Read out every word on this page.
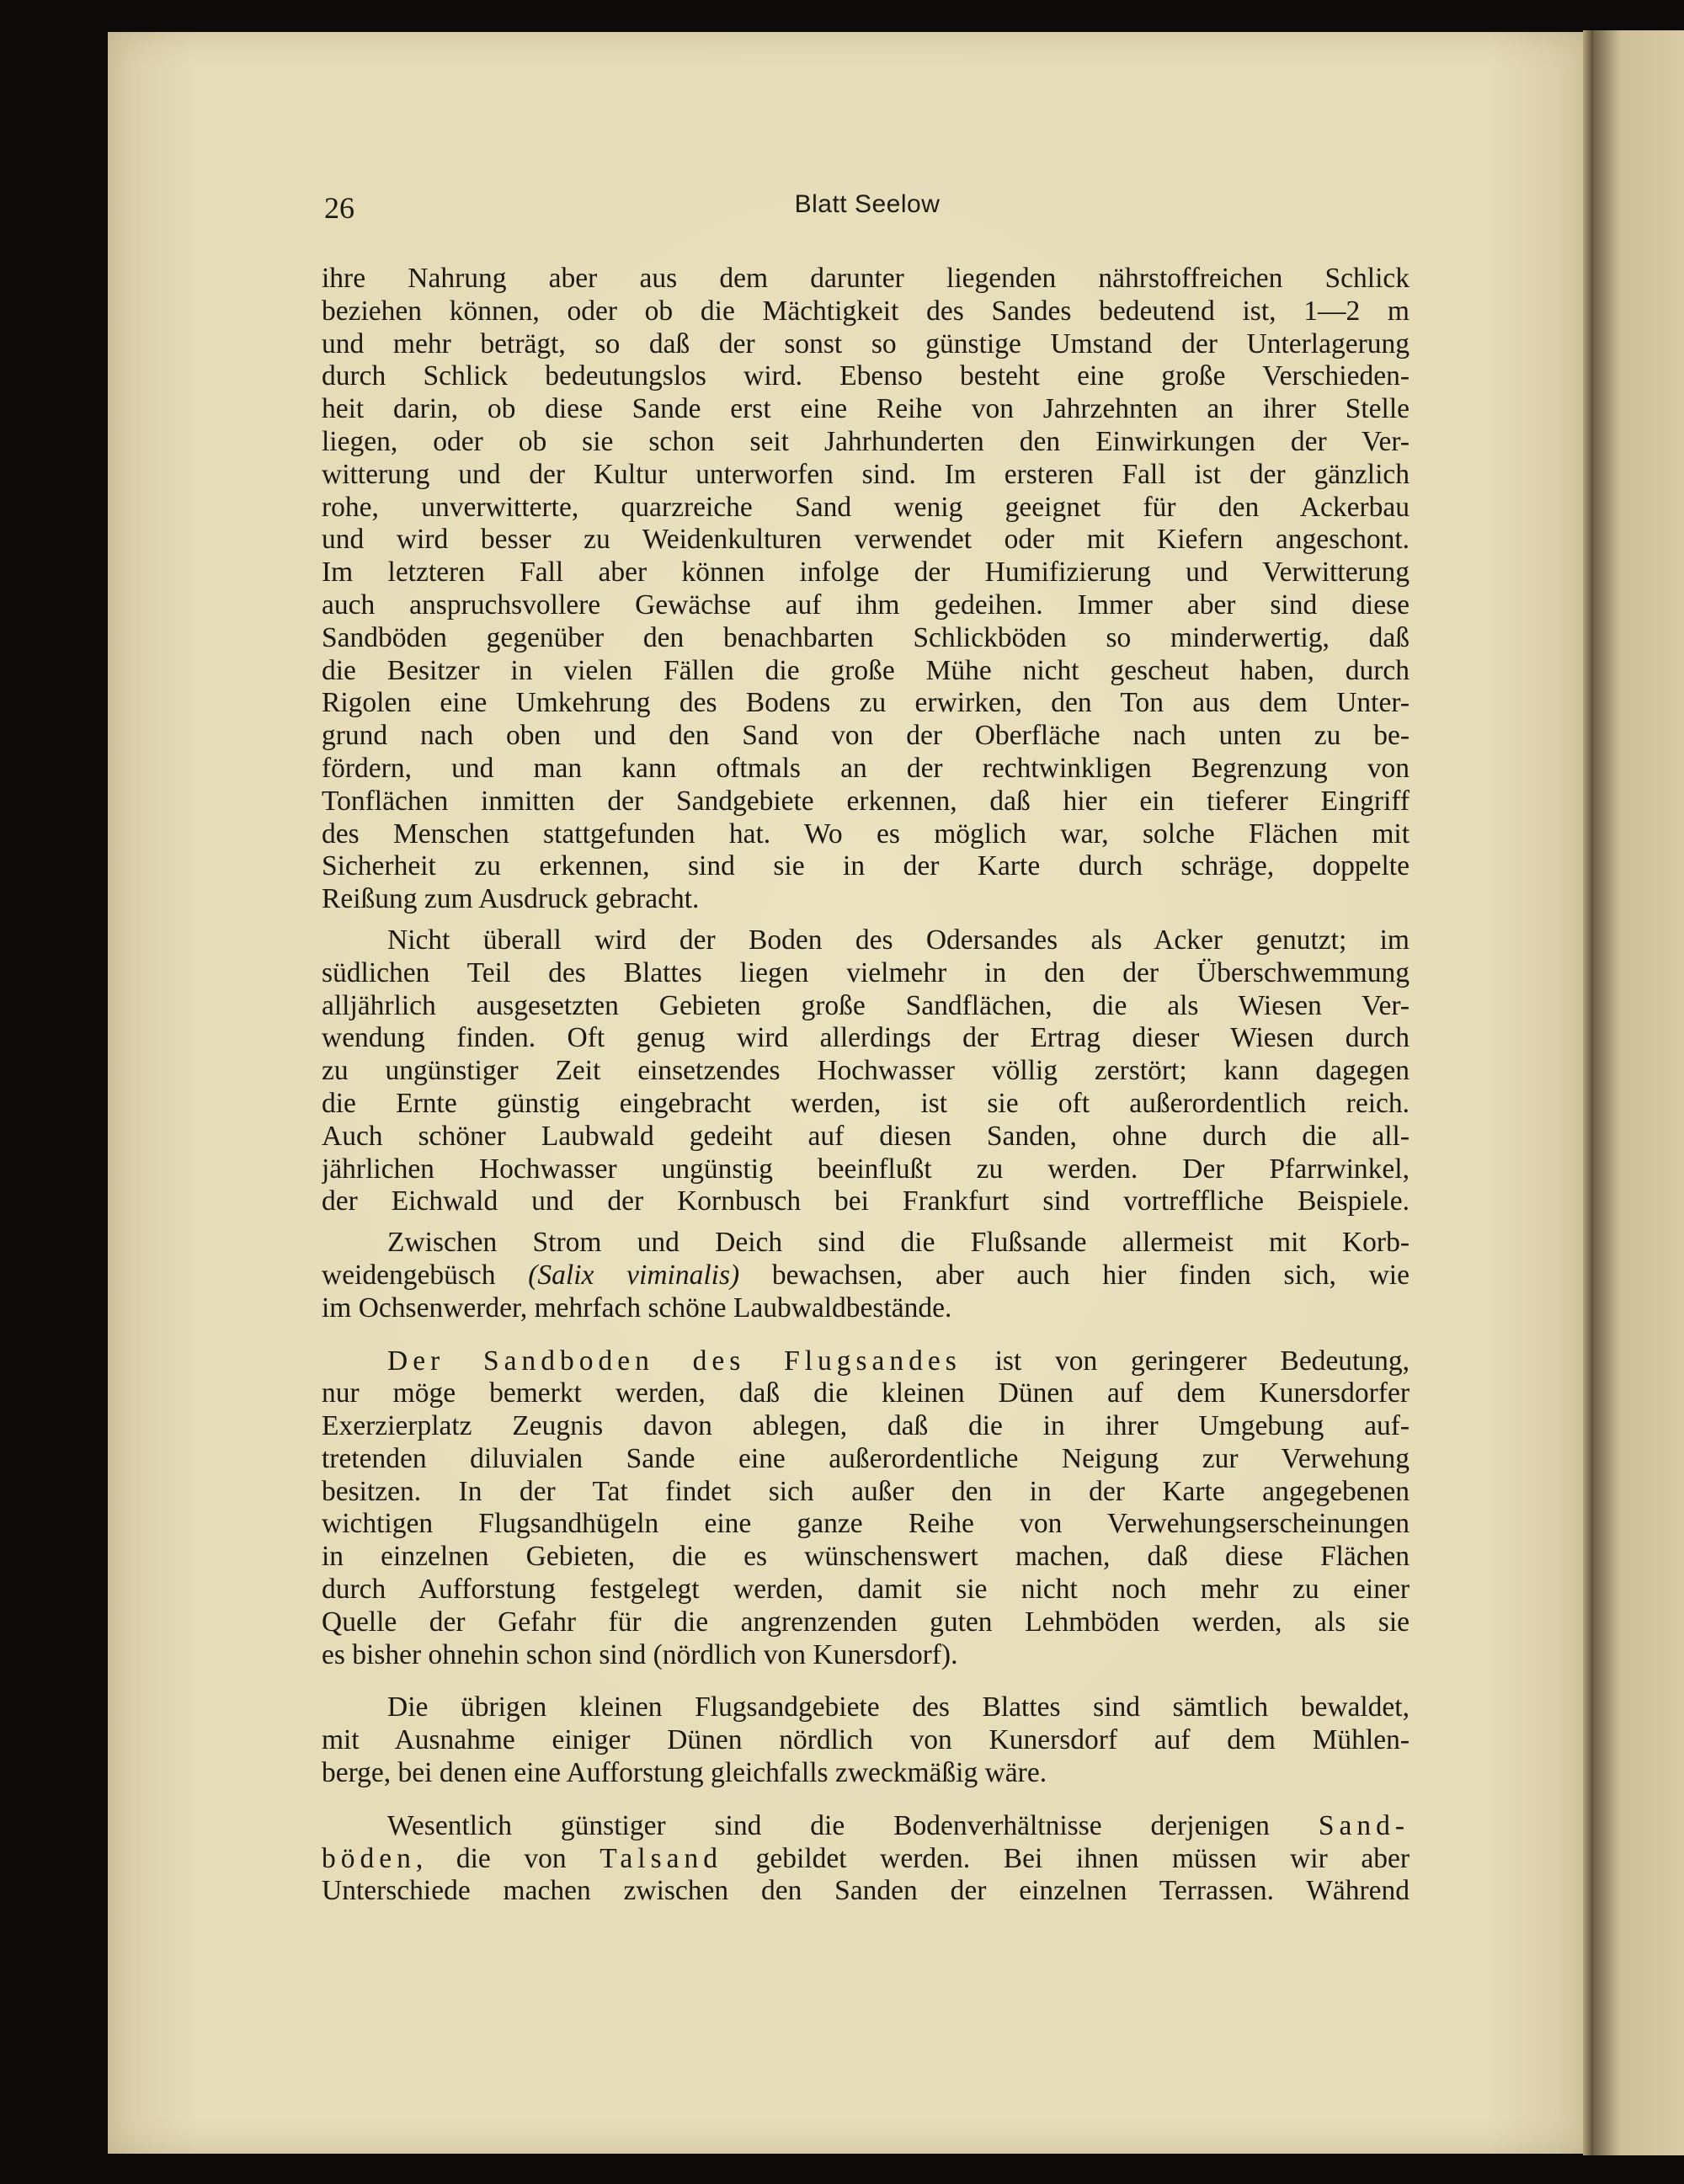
26	Blatt Seelow
ihre Nahrung aber aus dem darunter liegenden nährstoffreichen Schlick
beziehen können, oder ob die Mächtigkeit des Sandes bedeutend ist, 1—2 m
und mehr beträgt, so daß der sonst so günstige Umstand der Unterlagerung
durch Schlick bedeutungslos wird. Ebenso besteht eine große Verschieden-
heit darin, ob diese Sande erst eine Reihe von Jahrzehnten an ihrer Stelle
liegen, oder ob sie schon seit Jahrhunderten den Einwirkungen der Ver-
witterung und der Kultur unterworfen sind. Im ersteren Fall ist der gänzlich
rohe, unverwitterte, quarzreiche Sand wenig geeignet für den Ackerbau
und wird besser zu Weidenkulturen verwendet oder mit Kiefern angeschont.
Im letzteren Fall aber können infolge der Humifizierung und Verwitterung
auch anspruchsvollere Gewächse auf ihm gedeihen. Immer aber sind diese
Sandböden gegenüber den benachbarten Schlickböden so minderwertig, daß
die Besitzer in vielen Fällen die große Mühe nicht gescheut haben, durch
Rigolen eine Umkehrung des Bodens zu erwirken, den Ton aus dem Unter-
grund nach oben und den Sand von der Oberfläche nach unten zu be-
fördern, und man kann oftmals an der rechtwinkligen Begrenzung von
Tonflächen inmitten der Sandgebiete erkennen, daß hier ein tieferer Eingriff
des Menschen stattgefunden hat. Wo es möglich war, solche Flächen mit
Sicherheit zu erkennen, sind sie in der Karte durch schräge, doppelte
Reißung zum Ausdruck gebracht.
Nicht überall wird der Boden des Odersandes als Acker genutzt; im
südlichen Teil des Blattes liegen vielmehr in den der Überschwemmung
alljährlich ausgesetzten Gebieten große Sandflächen, die als Wiesen Ver-
wendung finden. Oft genug wird allerdings der Ertrag dieser Wiesen durch
zu ungünstiger Zeit einsetzendes Hochwasser völlig zerstört; kann dagegen
die Ernte günstig eingebracht werden, ist sie oft außerordentlich reich.
Auch schöner Laubwald gedeiht auf diesen Sanden, ohne durch die all-
jährlichen Hochwasser ungünstig beeinflußt zu werden. Der Pfarrwinkel,
der Eichwald und der Kornbusch bei Frankfurt sind vortreffliche Beispiele.
Zwischen Strom und Deich sind die Flußsande allermeist mit Korb-
weidengebüsch (Salix viminalis) bewachsen, aber auch hier finden sich, wie
im Ochsenwerder, mehrfach schöne Laubwaldbestände.
Der Sandboden des Flugsandes ist von geringerer Bedeutung,
nur möge bemerkt werden, daß die kleinen Dünen auf dem Kunersdorfer
Exerzierplatz Zeugnis davon ablegen, daß die in ihrer Umgebung auf-
tretenden diluvialen Sande eine außerordentliche Neigung zur Verwehung
besitzen. In der Tat findet sich außer den in der Karte angegebenen
wichtigen Flugsandhügeln eine ganze Reihe von Verwehungserscheinungen
in einzelnen Gebieten, die es wünschenswert machen, daß diese Flächen
durch Aufforstung festgelegt werden, damit sie nicht noch mehr zu einer
Quelle der Gefahr für die angrenzenden guten Lehmböden werden, als sie
es bisher ohnehin schon sind (nördlich von Kunersdorf).
Die übrigen kleinen Flugsandgebiete des Blattes sind sämtlich bewaldet,
mit Ausnahme einiger Dünen nördlich von Kunersdorf auf dem Mühlen-
berge, bei denen eine Aufforstung gleichfalls zweckmäßig wäre.
Wesentlich günstiger sind die Bodenverhältnisse derjenigen Sand-
böden, die von Talsand gebildet werden. Bei ihnen müssen wir aber
Unterschiede machen zwischen den Sanden der einzelnen Terrassen. Während
